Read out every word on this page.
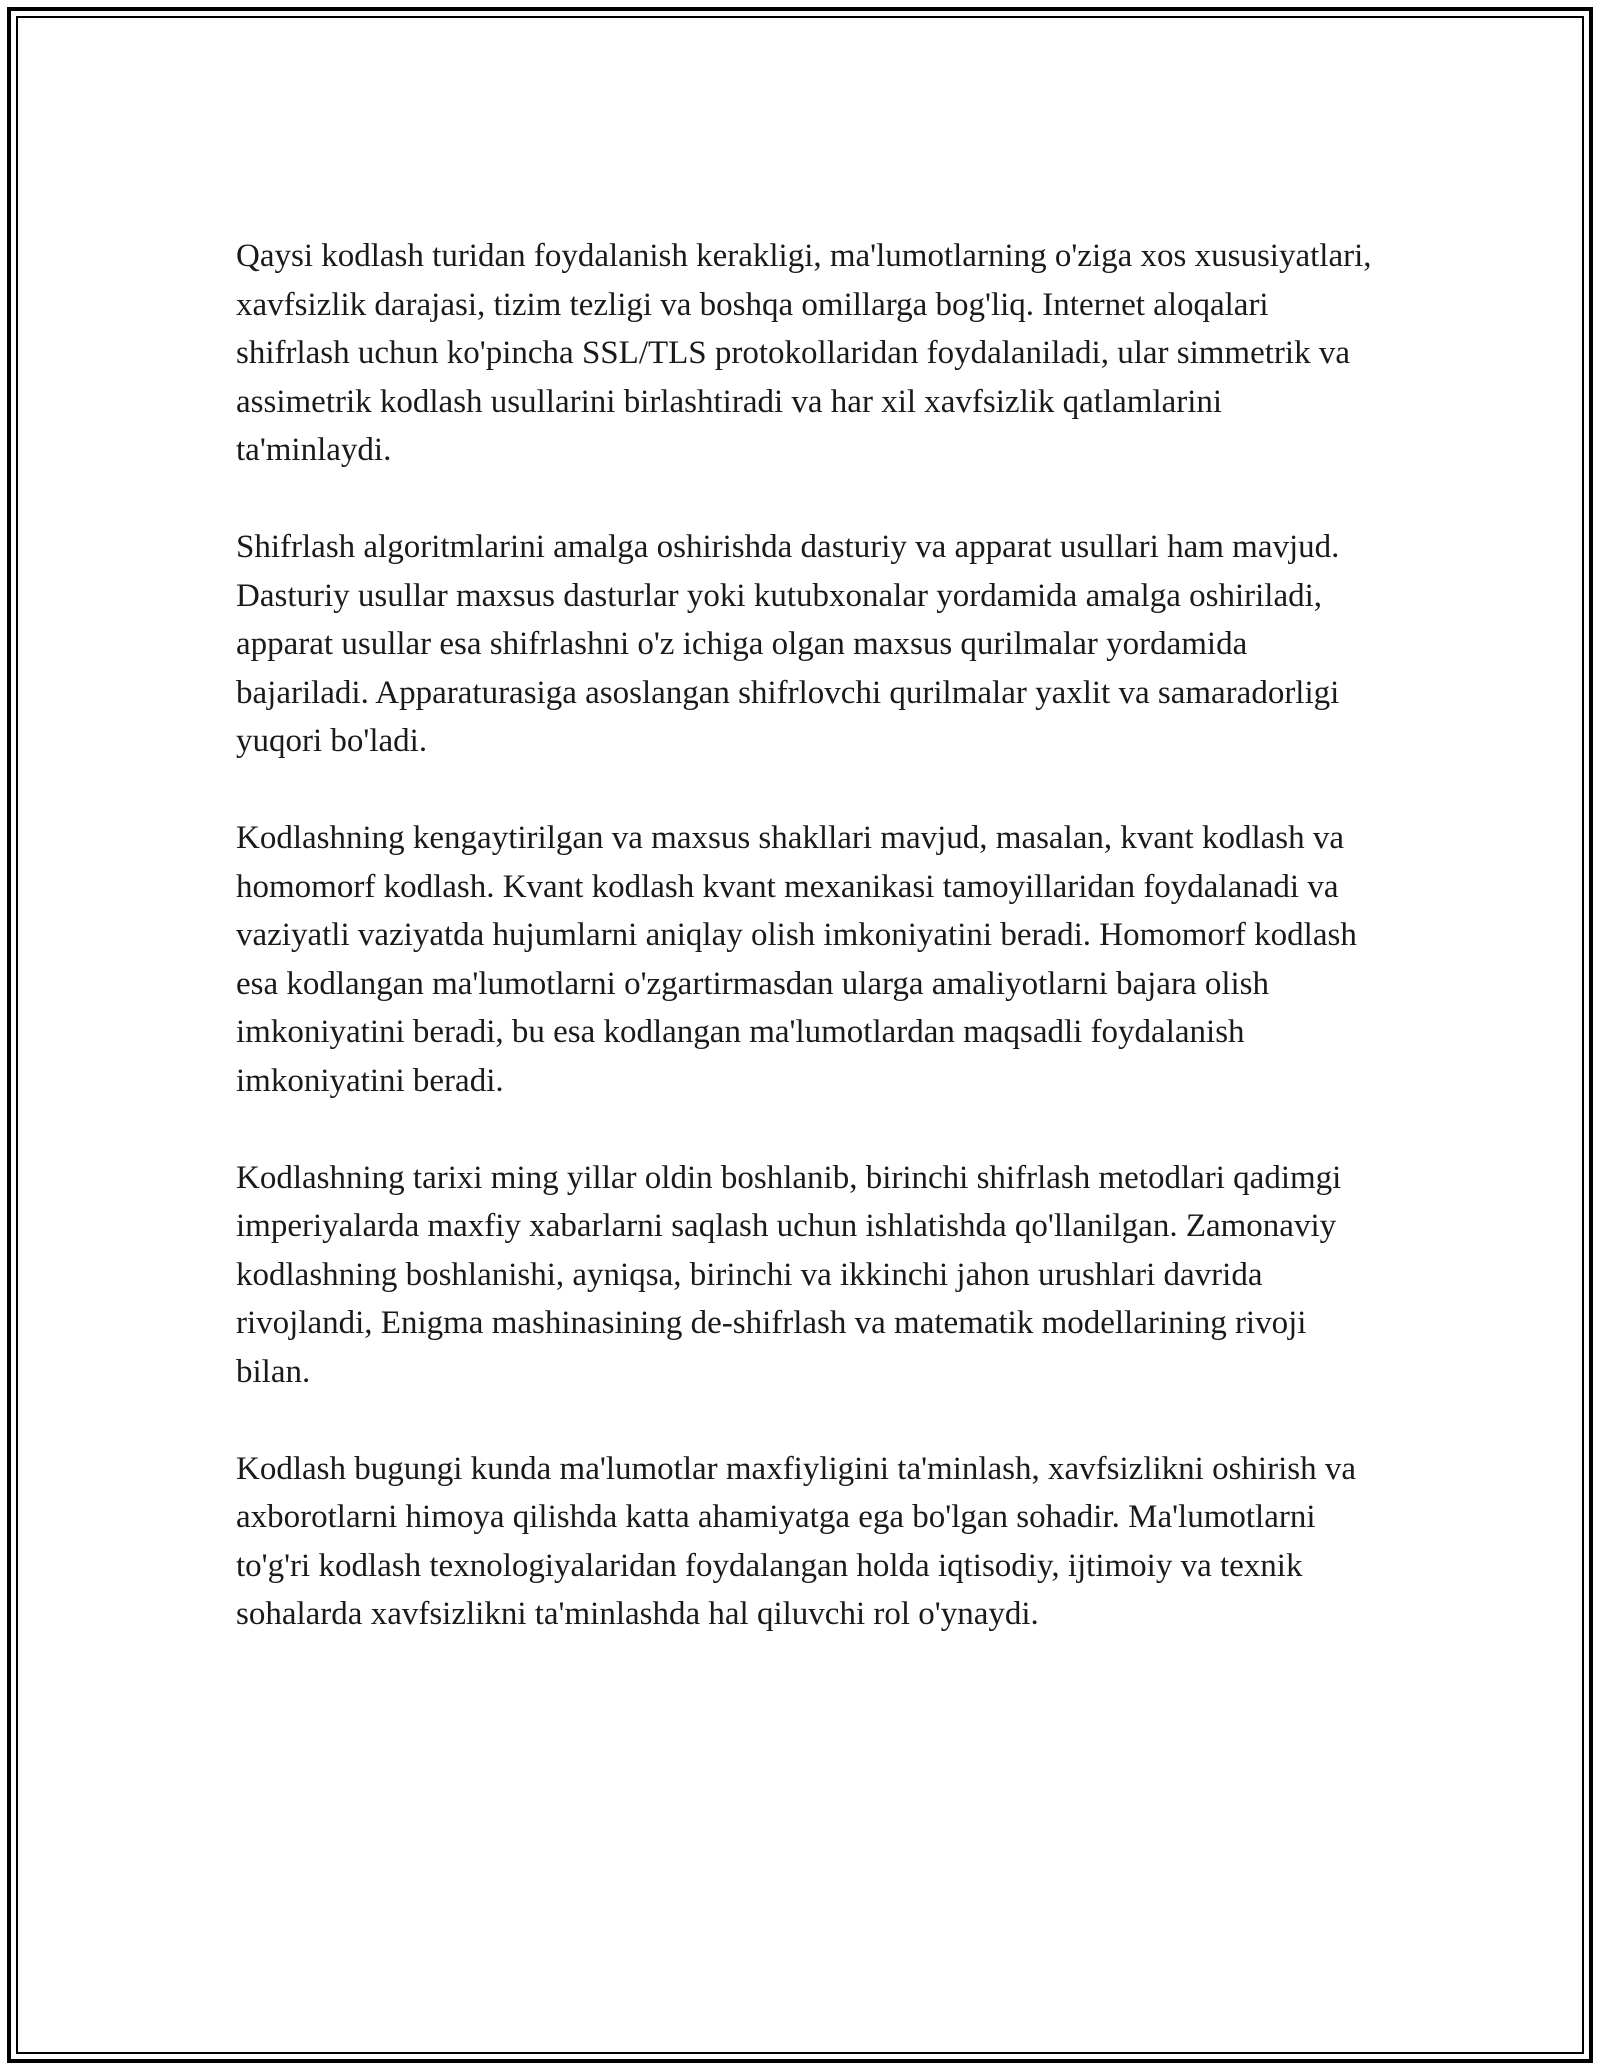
Qaysi kodlash turidan foydalanish kerakligi, ma'lumotlarning o'ziga xos xususiyatlari, xavfsizlik darajasi, tizim tezligi va boshqa omillarga bog'liq. Internet aloqalari shifrlash uchun ko'pincha SSL/TLS protokollaridan foydalaniladi, ular simmetrik va assimetrik kodlash usullarini birlashtiradi va har xil xavfsizlik qatlamlarini ta'minlaydi.

Shifrlash algoritmlarini amalga oshirishda dasturiy va apparat usullari ham mavjud. Dasturiy usullar maxsus dasturlar yoki kutubxonalar yordamida amalga oshiriladi, apparat usullar esa shifrlashni o'z ichiga olgan maxsus qurilmalar yordamida bajariladi. Apparaturasiga asoslangan shifrlovchi qurilmalar yaxlit va samaradorligi yuqori bo'ladi.

Kodlashning kengaytirilgan va maxsus shakllari mavjud, masalan, kvant kodlash va homomorf kodlash. Kvant kodlash kvant mexanikasi tamoyillaridan foydalanadi va vaziyatli vaziyatda hujumlarni aniqlay olish imkoniyatini beradi. Homomorf kodlash esa kodlangan ma'lumotlarni o'zgartirmasdan ularga amaliyotlarni bajara olish imkoniyatini beradi, bu esa kodlangan ma'lumotlardan maqsadli foydalanish imkoniyatini beradi.

Kodlashning tarixi ming yillar oldin boshlanib, birinchi shifrlash metodlari qadimgi imperiyalarda maxfiy xabarlarni saqlash uchun ishlatishda qo'llanilgan. Zamonaviy kodlashning boshlanishi, ayniqsa, birinchi va ikkinchi jahon urushlari davrida rivojlandi, Enigma mashinasining de-shifrlash va matematik modellarining rivoji bilan.

Kodlash bugungi kunda ma'lumotlar maxfiyligini ta'minlash, xavfsizlikni oshirish va axborotlarni himoya qilishda katta ahamiyatga ega bo'lgan sohadir. Ma'lumotlarni to'g'ri kodlash texnologiyalaridan foydalangan holda iqtisodiy, ijtimoiy va texnik sohalarda xavfsizlikni ta'minlashda hal qiluvchi rol o'ynaydi.
